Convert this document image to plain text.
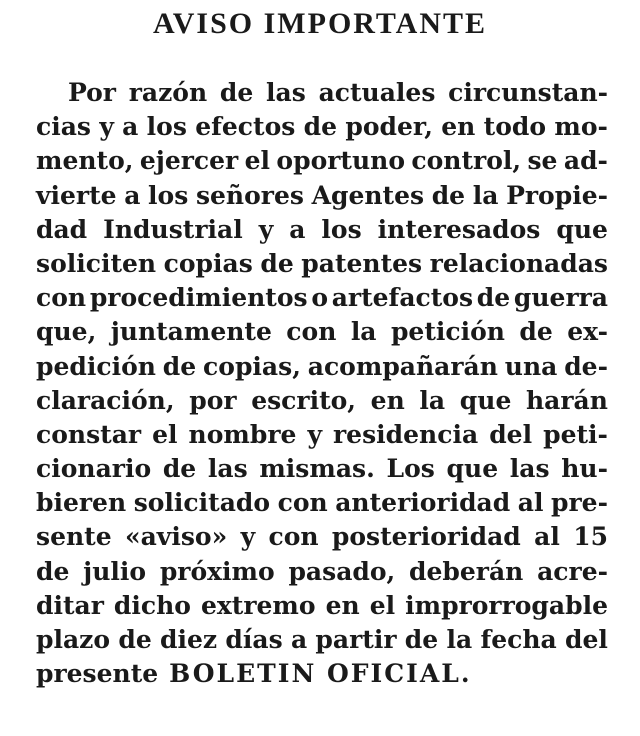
AVISO IMPORTANTE
Por razón de las actuales circunstan-
cias y a los efectos de poder, en todo mo-
mento, ejercer el oportuno control, se ad-
vierte a los señores Agentes de la Propie-
dad Industrial y a los interesados que
soliciten copias de patentes relacionadas
con procedimientos o artefactos de guerra
que, juntamente con la petición de ex-
pedición de copias, acompañarán una de-
claración, por escrito, en la que harán
constar el nombre y residencia del peti-
cionario de las mismas. Los que las hu-
bieren solicitado con anterioridad al pre-
sente «aviso» y con posterioridad al 15
de julio próximo pasado, deberán acre-
ditar dicho extremo en el improrrogable
plazo de diez días a partir de la fecha del
presente BOLETIN OFICIAL .
